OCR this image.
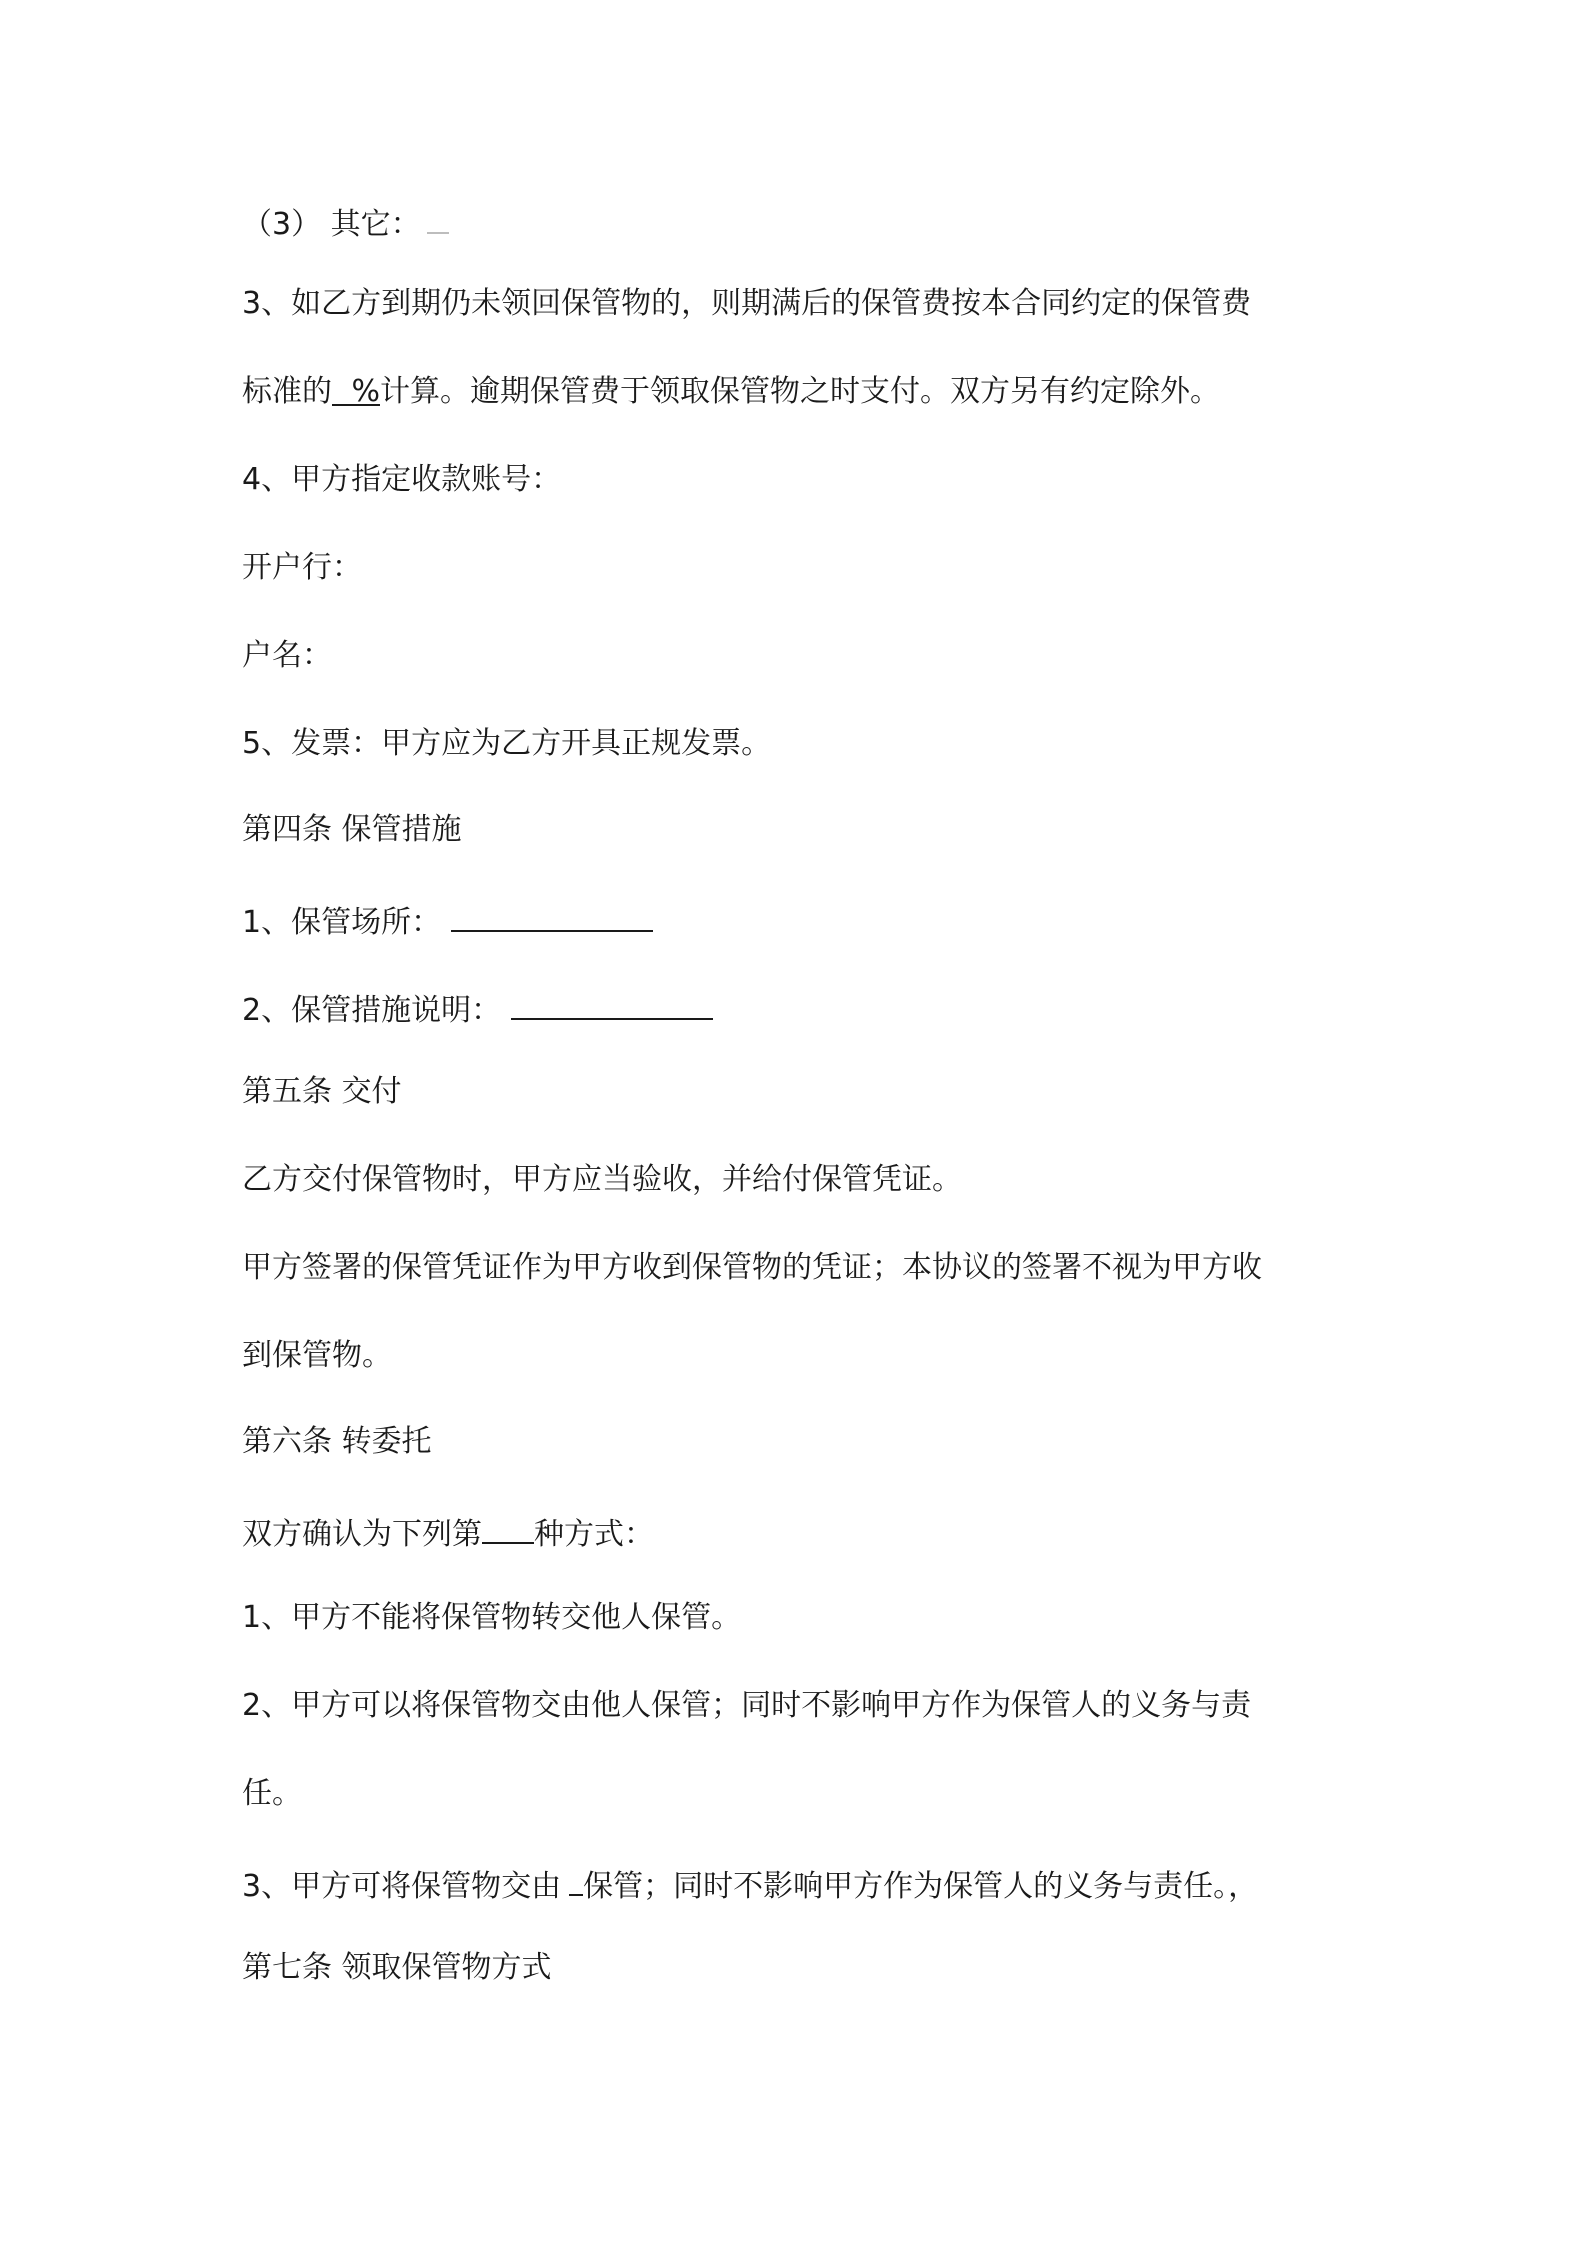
（3） 其它：
3、如乙方到期仍未领回保管物的，则期满后的保管费按本合同约定的保管费
标准的 %计算。逾期保管费于领取保管物之时支付。双方另有约定除外。
4、甲方指定收款账号：
开户行：
户名：
5、发票：甲方应为乙方开具正规发票。
第四条 保管措施
1、保管场所：
2、保管措施说明：
第五条 交付
乙方交付保管物时，甲方应当验收，并给付保管凭证。
甲方签署的保管凭证作为甲方收到保管物的凭证；本协议的签署不视为甲方收
到保管物。
第六条 转委托
双方确认为下列第 种方式：
1、甲方不能将保管物转交他人保管。
2、甲方可以将保管物交由他人保管；同时不影响甲方作为保管人的义务与责
任。
3、甲方可将保管物交由 保管；同时不影响甲方作为保管人的义务与责任。，
第七条 领取保管物方式
